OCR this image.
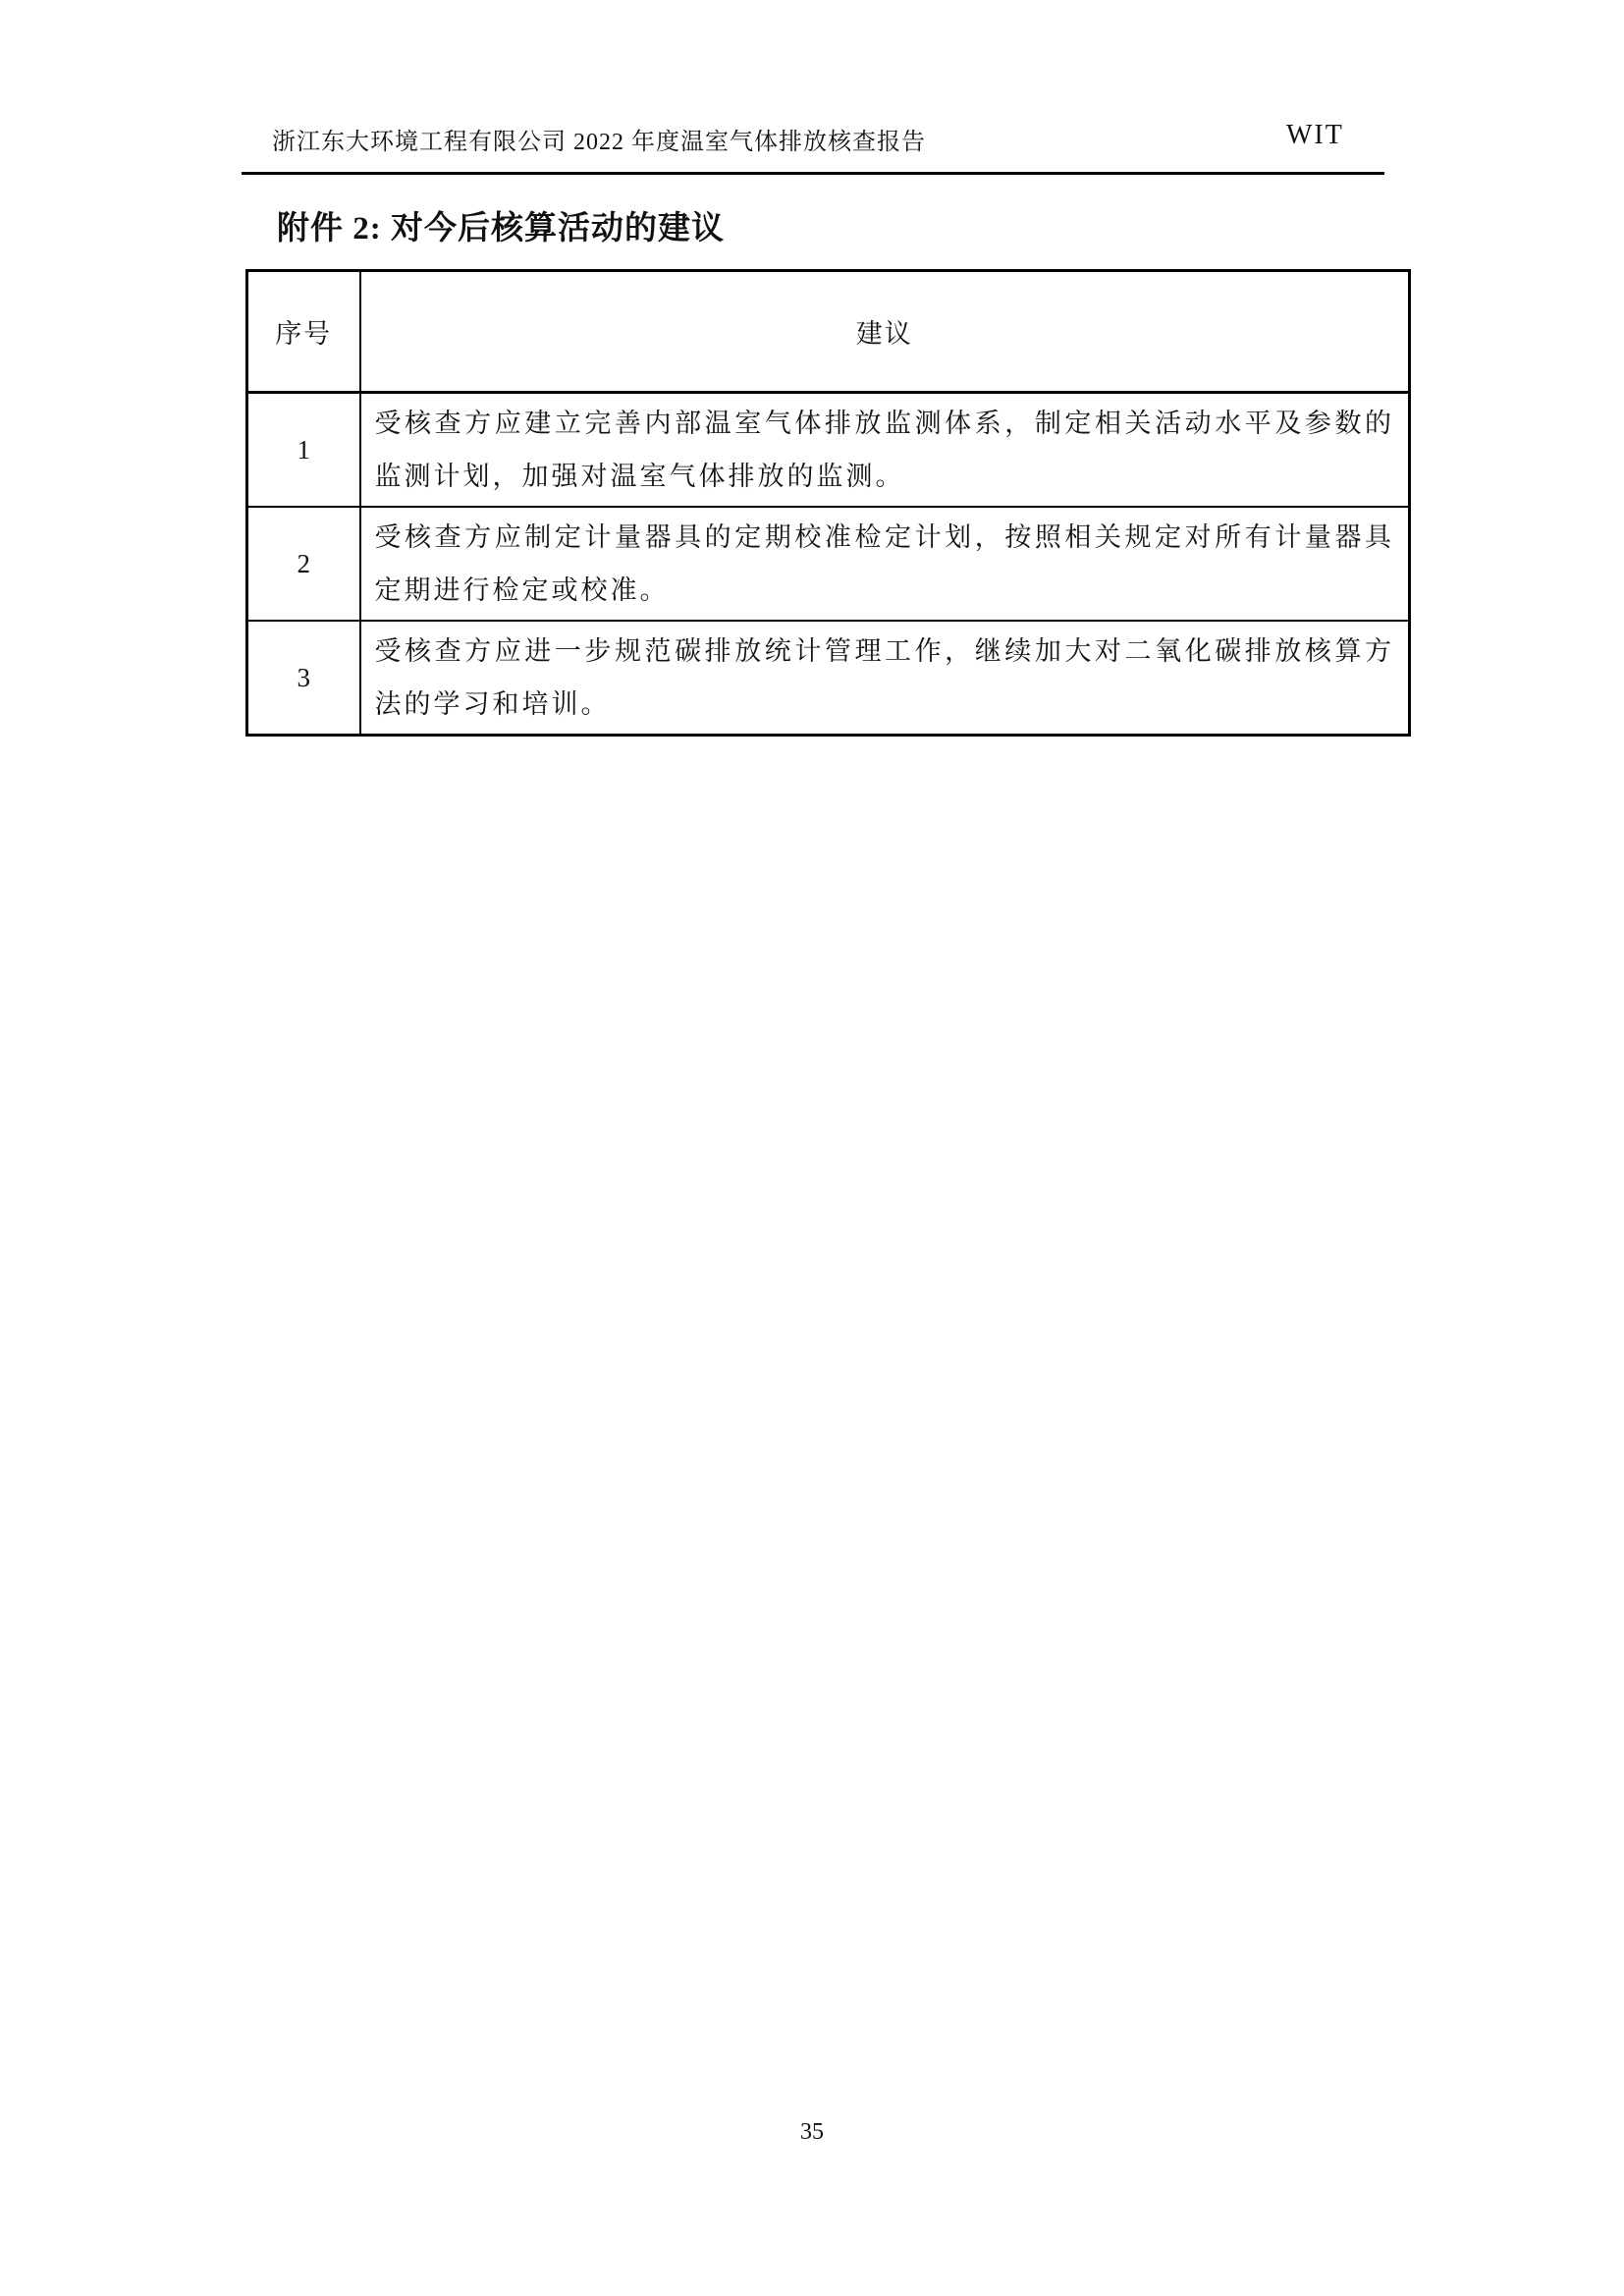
浙江东大环境工程有限公司 2022 年度温室气体排放核查报告	WIT
附件 2: 对今后核算活动的建议
序号	建议
1	受核查方应建立完善内部温室气体排放监测体系，制定相关活动水平及参数的监测计划，加强对温室气体排放的监测。
2	受核查方应制定计量器具的定期校准检定计划，按照相关规定对所有计量器具定期进行检定或校准。
3	受核查方应进一步规范碳排放统计管理工作，继续加大对二氧化碳排放核算方法的学习和培训。
35
